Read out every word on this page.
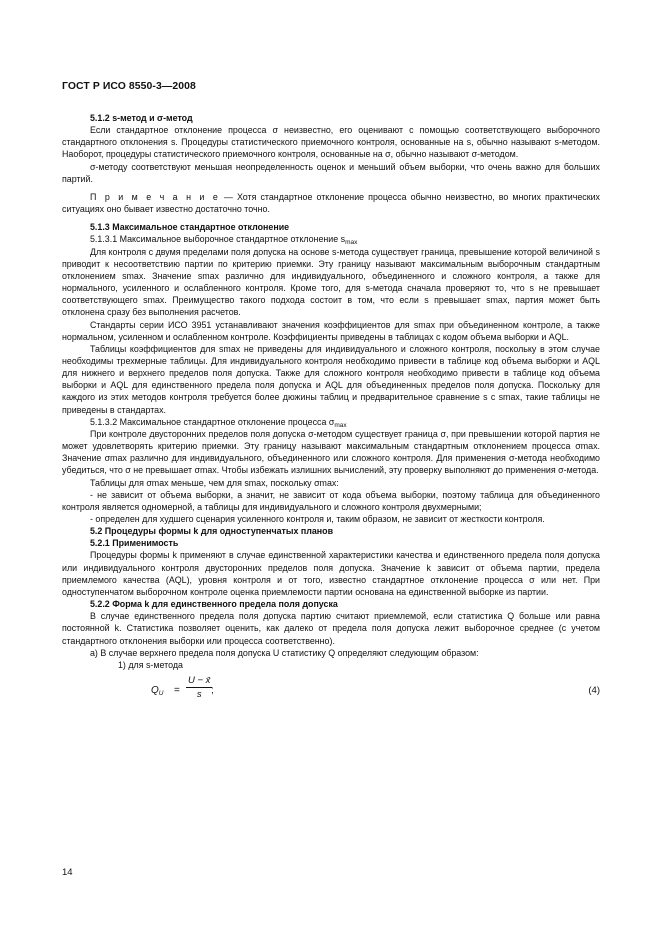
ГОСТ Р ИСО 8550-3—2008

5.1.2 s-метод и σ-метод

Если стандартное отклонение процесса σ неизвестно, его оценивают с помощью соответствующего выборочного стандартного отклонения s. Процедуры статистического приемочного контроля, основанные на s, обычно называют s-методом. Наоборот, процедуры статистического приемочного контроля, основанные на σ, обычно называют σ-методом.

σ-методу соответствуют меньшая неопределенность оценок и меньший объем выборки, что очень важно для больших партий.

П р и м е ч а н и е — Хотя стандартное отклонение процесса обычно неизвестно, во многих практических ситуациях оно бывает известно достаточно точно.

5.1.3 Максимальное стандартное отклонение

5.1.3.1 Максимальное выборочное стандартное отклонение $s_{max}$

Для контроля с двумя пределами поля допуска на основе s-метода существует граница, превышение которой величиной s приводит к несоответствию партии по критерию приемки. Эту границу называют максимальным выборочным стандартным отклонением smax. Значение smax различно для индивидуального, объединенного и сложного контроля, а также для нормального, усиленного и ослабленного контроля. Кроме того, для s-метода сначала проверяют то, что s не превышает соответствующего smax. Преимущество такого подхода состоит в том, что если s превышает smax, партия может быть отклонена сразу без выполнения расчетов.

Стандарты серии ИСО 3951 устанавливают значения коэффициентов для smax при объединенном контроле, а также нормальном, усиленном и ослабленном контроле. Коэффициенты приведены в таблицах с кодом объема выборки и AQL.

Таблицы коэффициентов для smax не приведены для индивидуального и сложного контроля, поскольку в этом случае необходимы трехмерные таблицы. Для индивидуального контроля необходимо привести в таблице код объема выборки и AQL для нижнего и верхнего пределов поля допуска. Также для сложного контроля необходимо привести в таблице код объема выборки и AQL для единственного предела поля допуска и AQL для объединенных пределов поля допуска. Поскольку для каждого из этих методов контроля требуется более дюжины таблиц и предварительное сравнение s с smax, такие таблицы не приведены в стандартах.

5.1.3.2 Максимальное стандартное отклонение процесса $\sigma_{max}$

При контроле двусторонних пределов поля допуска σ-методом существует граница σ, при превышении которой партия не может удовлетворять критерию приемки. Эту границу называют максимальным стандартным отклонением процесса σmax. Значение σmax различно для индивидуального, объединенного или сложного контроля. Для применения σ-метода необходимо убедиться, что σ не превышает σmax. Чтобы избежать излишних вычислений, эту проверку выполняют до применения σ-метода.

Таблицы для σmax меньше, чем для smax, поскольку σmax:

- не зависит от объема выборки, а значит, не зависит от кода объема выборки, поэтому таблица для объединенного контроля является одномерной, а таблицы для индивидуального и сложного контроля двухмерными;

- определен для худшего сценария усиленного контроля и, таким образом, не зависит от жесткости контроля.

5.2 Процедуры формы k для одноступенчатых планов

5.2.1 Применимость

Процедуры формы k применяют в случае единственной характеристики качества и единственного предела поля допуска или индивидуального контроля двусторонних пределов поля допуска. Значение k зависит от объема партии, предела приемлемого качества (AQL), уровня контроля и от того, известно стандартное отклонение процесса σ или нет. При одноступенчатом выборочном контроле оценка приемлемости партии основана на единственной выборке из партии.

5.2.2 Форма k для единственного предела поля допуска

В случае единственного предела поля допуска партию считают приемлемой, если статистика Q больше или равна постоянной k. Статистика позволяет оценить, как далеко от предела поля допуска лежит выборочное среднее (с учетом стандартного отклонения выборки или процесса соответственно).

а) В случае верхнего предела поля допуска U статистику Q определяют следующим образом:

1) для s-метода

$Q_U = \frac{U - x̄}{s}$
;	(4)
14
